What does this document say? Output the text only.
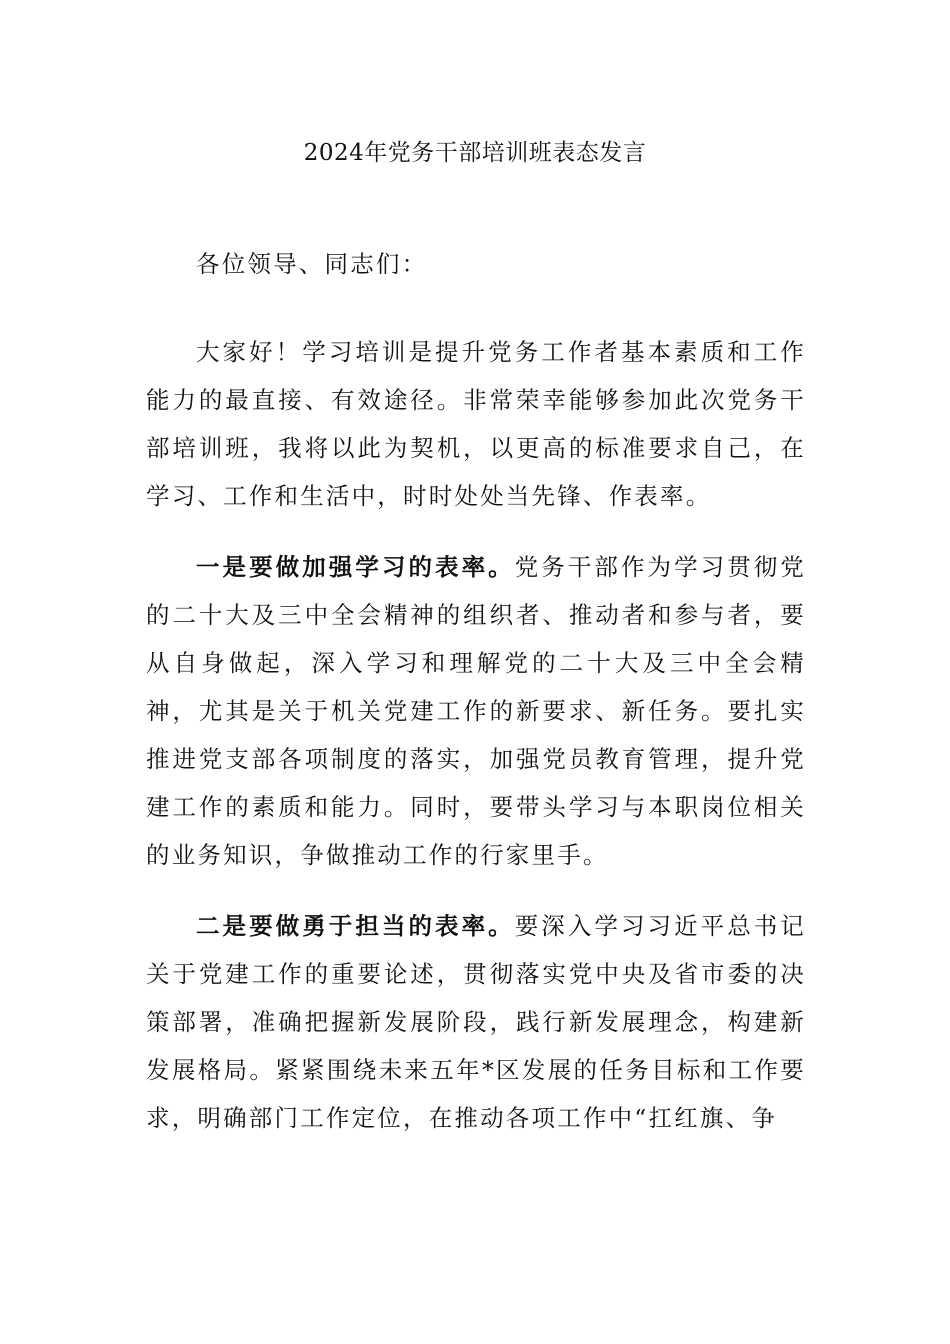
2024年党务干部培训班表态发言

各位领导、同志们：

大家好！学习培训是提升党务工作者基本素质和工作能力的最直接、有效途径。非常荣幸能够参加此次党务干部培训班，我将以此为契机，以更高的标准要求自己，在学习、工作和生活中，时时处处当先锋、作表率。

一是要做加强学习的表率。党务干部作为学习贯彻党的二十大及三中全会精神的组织者、推动者和参与者，要从自身做起，深入学习和理解党的二十大及三中全会精神，尤其是关于机关党建工作的新要求、新任务。要扎实推进党支部各项制度的落实，加强党员教育管理，提升党建工作的素质和能力。同时，要带头学习与本职岗位相关的业务知识，争做推动工作的行家里手。

二是要做勇于担当的表率。要深入学习习近平总书记关于党建工作的重要论述，贯彻落实党中央及省市委的决策部署，准确把握新发展阶段，践行新发展理念，构建新发展格局。紧紧围绕未来五年*区发展的任务目标和工作要求，明确部门工作定位，在推动各项工作中“扛红旗、争
